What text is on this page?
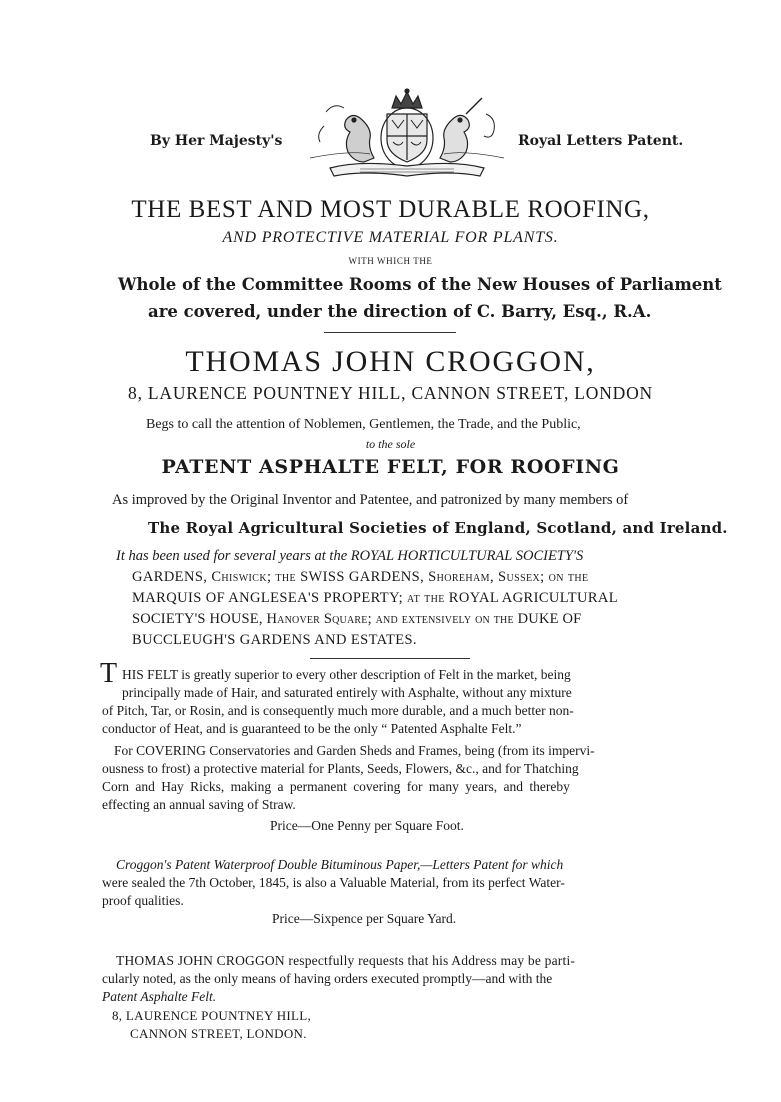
By Her Majesty's	Royal Letters Patent.
THE BEST AND MOST DURABLE ROOFING,
AND PROTECTIVE MATERIAL FOR PLANTS.
WITH WHICH THE
Whole of the Committee Rooms of the New Houses of Parliament
are covered, under the direction of C. Barry, Esq., R.A.
THOMAS JOHN CROGGON,
8, LAURENCE POUNTNEY HILL, CANNON STREET, LONDON
Begs to call the attention of Noblemen, Gentlemen, the Trade, and the Public,
to the sole
PATENT ASPHALTE FELT, FOR ROOFING
As improved by the Original Inventor and Patentee, and patronized by many members of
The Royal Agricultural Societies of England, Scotland, and Ireland.
It has been used for several years at the ROYAL HORTICULTURAL SOCIETY'S
GARDENS, Chiswick; the SWISS GARDENS, Shoreham, Sussex; on the
MARQUIS OF ANGLESEA'S PROPERTY; at the ROYAL AGRICULTURAL
SOCIETY'S HOUSE, Hanover Square; and extensively on the DUKE OF
BUCCLEUGH'S GARDENS AND ESTATES.
T HIS FELT is greatly superior to every other description of Felt in the market, being
principally made of Hair, and saturated entirely with Asphalte, without any mixture
of Pitch, Tar, or Rosin, and is consequently much more durable, and a much better non-
conductor of Heat, and is guaranteed to be the only “ Patented Asphalte Felt.”
For COVERING Conservatories and Garden Sheds and Frames, being (from its impervi-
ousness to frost) a protective material for Plants, Seeds, Flowers, &c., and for Thatching
Corn and Hay Ricks, making a permanent covering for many years, and thereby
effecting an annual saving of Straw.
Price—One Penny per Square Foot.
Croggon's Patent Waterproof Double Bituminous Paper,—Letters Patent for which
were sealed the 7th October, 1845, is also a Valuable Material, from its perfect Water-
proof qualities.
Price—Sixpence per Square Yard.
THOMAS JOHN CROGGON respectfully requests that his Address may be parti-
cularly noted, as the only means of having orders executed promptly—and with the
Patent Asphalte Felt.
8, LAURENCE POUNTNEY HILL,
CANNON STREET, LONDON.
